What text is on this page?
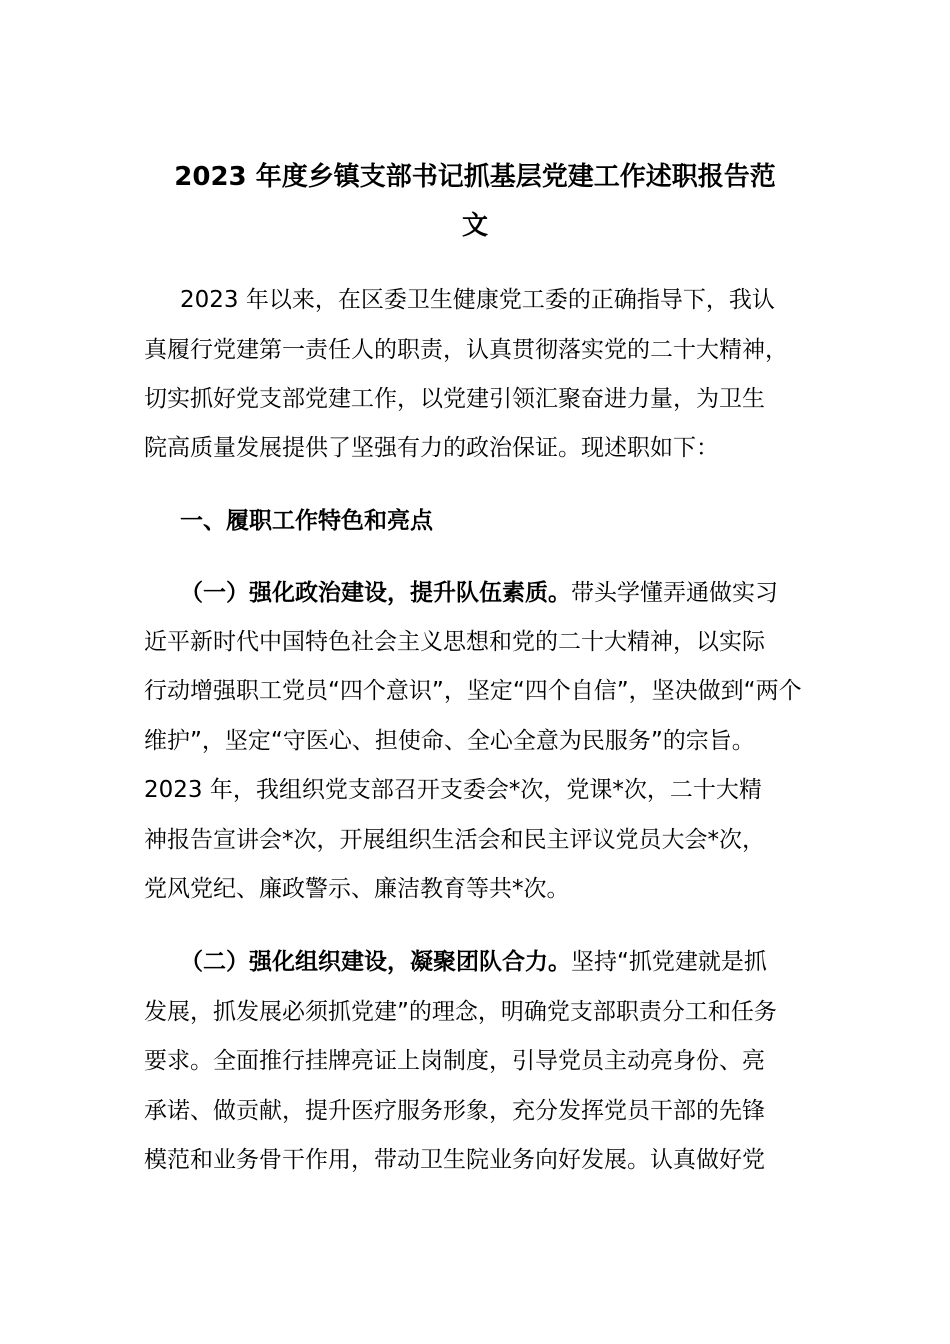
2023 年度乡镇支部书记抓基层党建工作述职报告范
文

2023 年以来，在区委卫生健康党工委的正确指导下，我认

真履行党建第一责任人的职责，认真贯彻落实党的二十大精神，

切实抓好党支部党建工作，以党建引领汇聚奋进力量，为卫生

院高质量发展提供了坚强有力的政治保证。现述职如下：

一、履职工作特色和亮点

（一）强化政治建设，提升队伍素质。带头学懂弄通做实习

近平新时代中国特色社会主义思想和党的二十大精神，以实际

行动增强职工党员“四个意识”，坚定“四个自信”，坚决做到“两个

维护”，坚定“守医心、担使命、全心全意为民服务”的宗旨。

2023 年，我组织党支部召开支委会*次，党课*次，二十大精

神报告宣讲会*次，开展组织生活会和民主评议党员大会*次，

党风党纪、廉政警示、廉洁教育等共*次。

（二）强化组织建设，凝聚团队合力。坚持“抓党建就是抓

发展，抓发展必须抓党建”的理念，明确党支部职责分工和任务

要求。全面推行挂牌亮证上岗制度，引导党员主动亮身份、亮

承诺、做贡献，提升医疗服务形象，充分发挥党员干部的先锋

模范和业务骨干作用，带动卫生院业务向好发展。认真做好党
